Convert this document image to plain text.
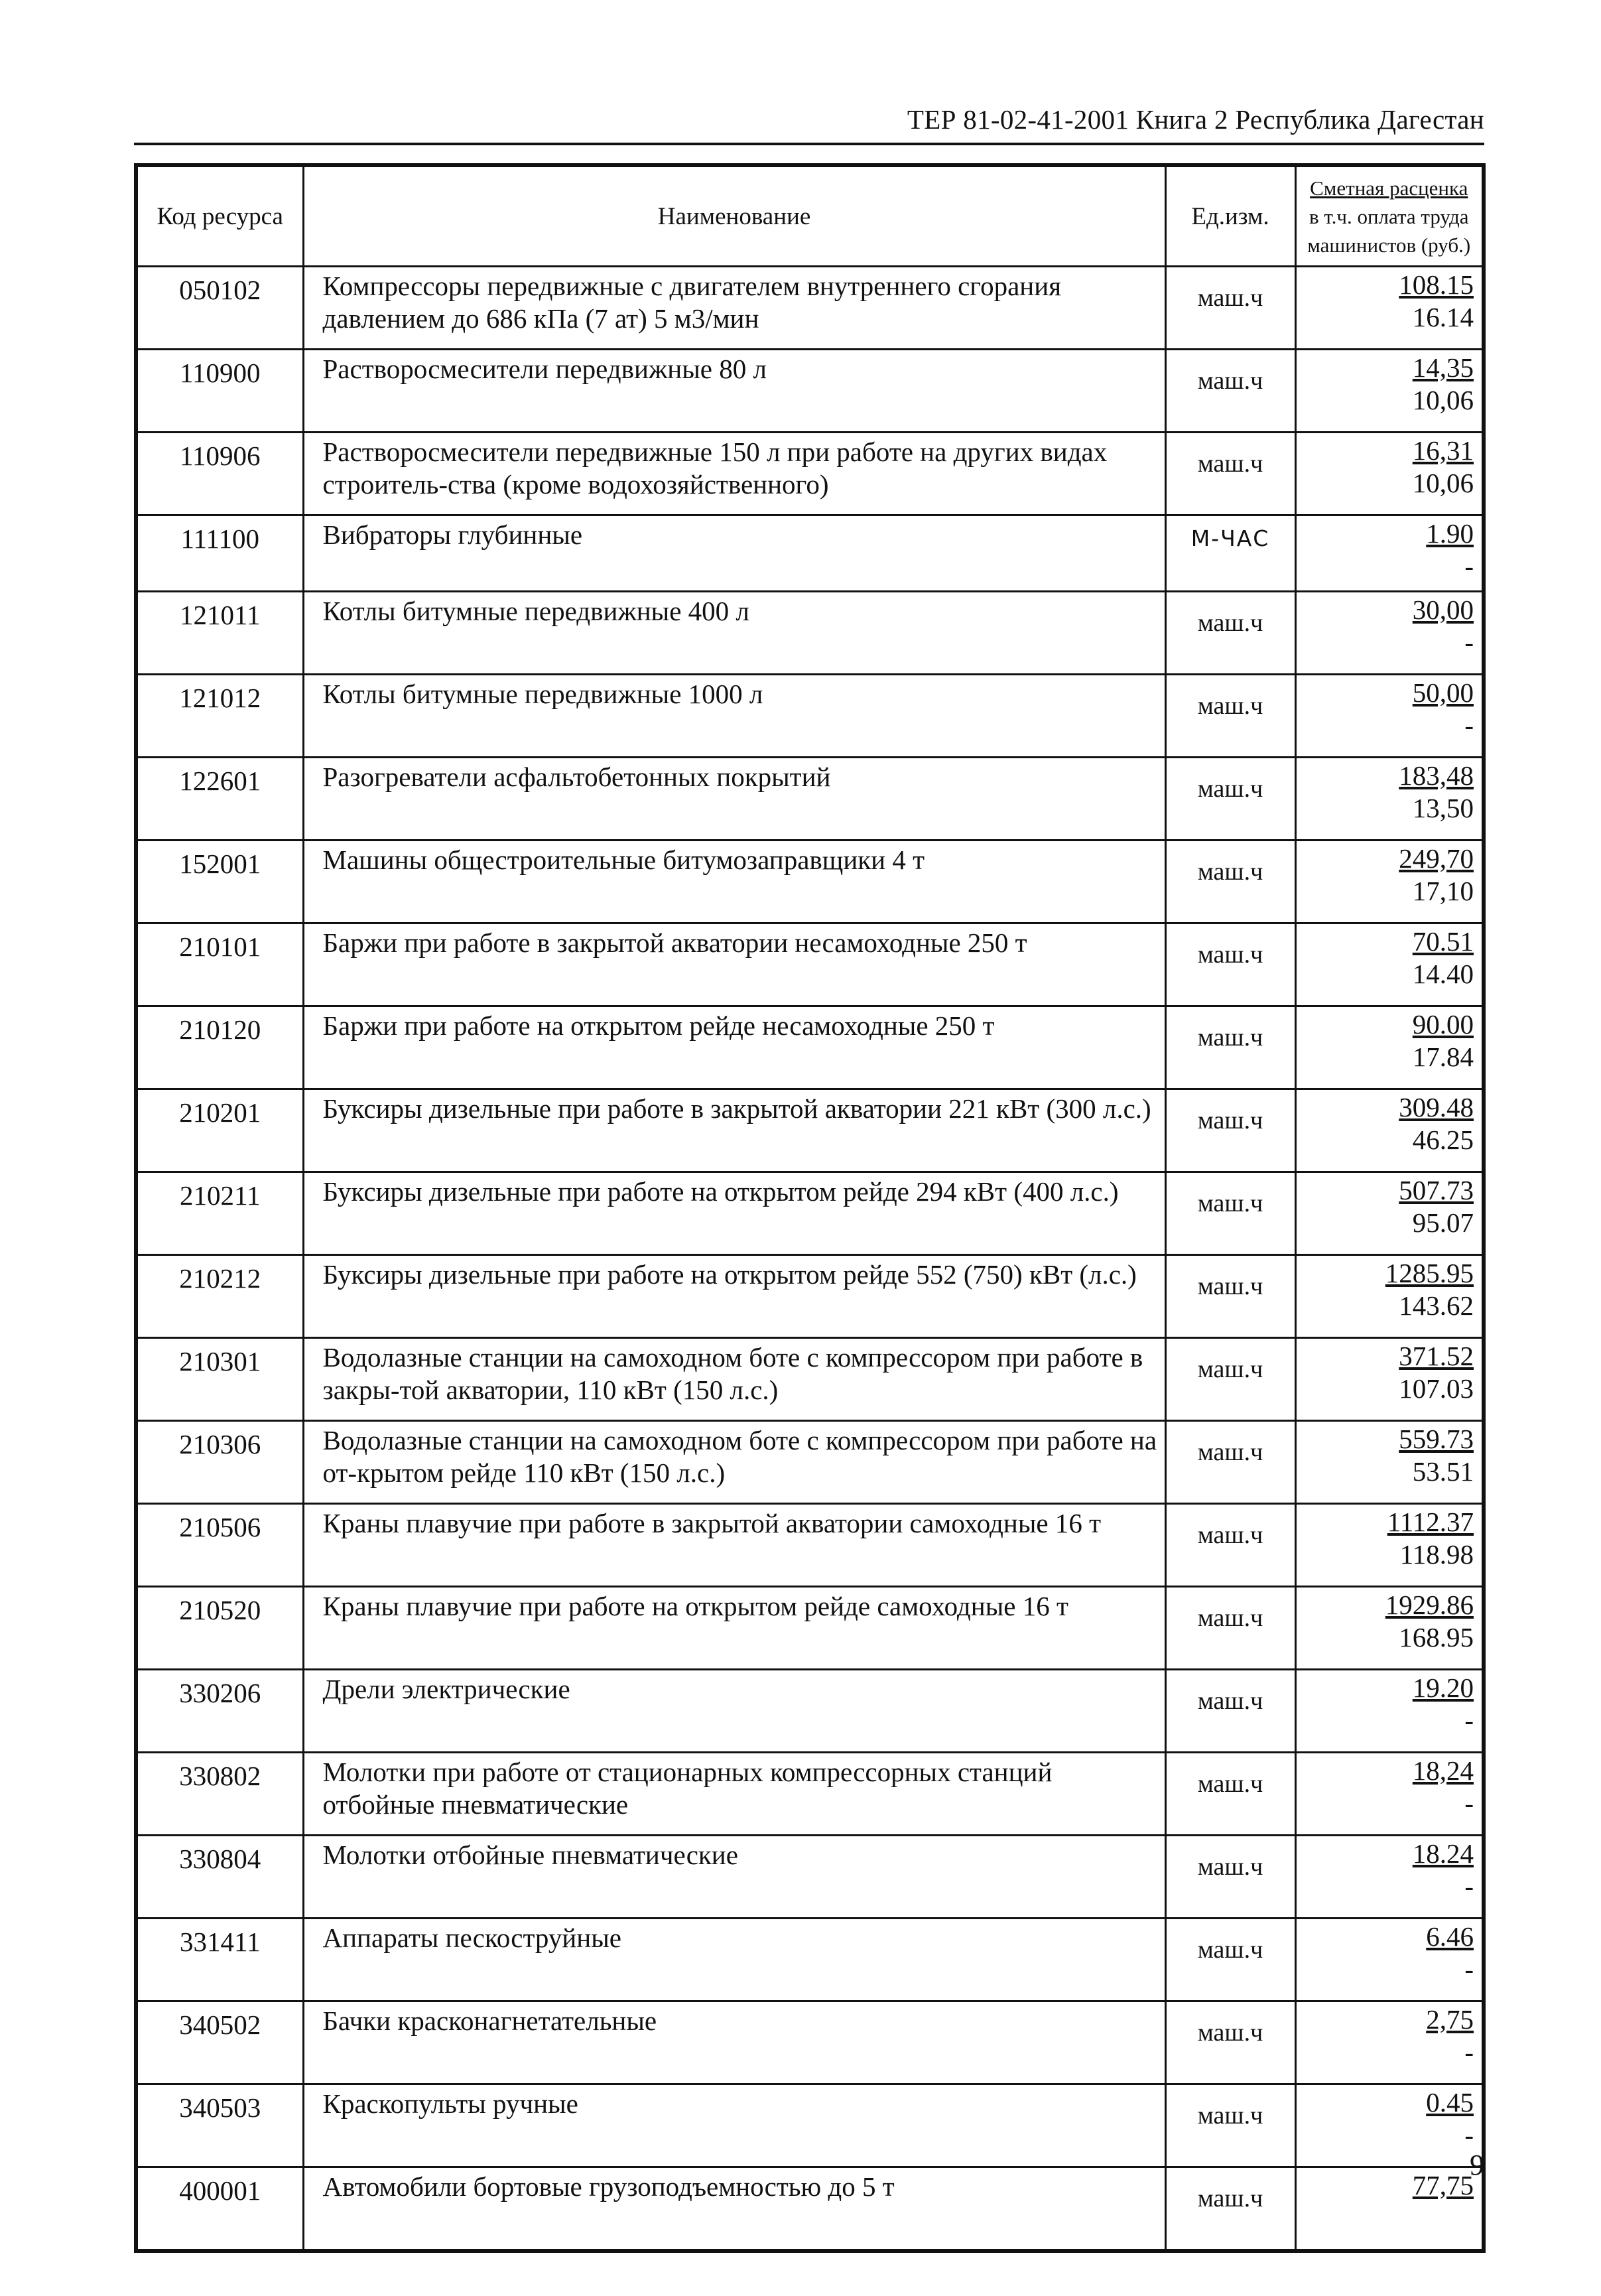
ТЕР 81-02-41-2001 Книга 2 Республика Дагестан
Код ресурса	Наименование	Ед.изм.	Сметная расценка
в т.ч. оплата труда
машинистов (руб.)

050102	Компрессоры передвижные с двигателем внутреннего сгорания давлением до 686 кПа (7 ат) 5 м3/мин	маш.ч	108.15
16.14

110900	Растворосмесители передвижные 80 л	маш.ч	14,35
10,06

110906	Растворосмесители передвижные 150 л при работе на других видах строитель-ства (кроме водохозяйственного)	маш.ч	16,31
10,06

111100	Вибраторы глубинные	М-ЧАС	1.90
-

121011	Котлы битумные передвижные 400 л	маш.ч	30,00
-

121012	Котлы битумные передвижные 1000 л	маш.ч	50,00
-

122601	Разогреватели асфальтобетонных покрытий	маш.ч	183,48
13,50

152001	Машины общестроительные битумозаправщики 4 т	маш.ч	249,70
17,10

210101	Баржи при работе в закрытой акватории несамоходные 250 т	маш.ч	70.51
14.40

210120	Баржи при работе на открытом рейде несамоходные 250 т	маш.ч	90.00
17.84

210201	Буксиры дизельные при работе в закрытой акватории 221 кВт (300 л.с.)	маш.ч	309.48
46.25

210211	Буксиры дизельные при работе на открытом рейде 294 кВт (400 л.с.)	маш.ч	507.73
95.07

210212	Буксиры дизельные при работе на открытом рейде 552 (750) кВт (л.с.)	маш.ч	1285.95
143.62

210301	Водолазные станции на самоходном боте с компрессором при работе в закры-той акватории, 110 кВт (150 л.с.)	маш.ч	371.52
107.03

210306	Водолазные станции на самоходном боте с компрессором при работе на от-крытом рейде 110 кВт (150 л.с.)	маш.ч	559.73
53.51

210506	Краны плавучие при работе в закрытой акватории самоходные 16 т	маш.ч	1112.37
118.98

210520	Краны плавучие при работе на открытом рейде самоходные 16 т	маш.ч	1929.86
168.95

330206	Дрели электрические	маш.ч	19.20
-

330802	Молотки при работе от стационарных компрессорных станций отбойные пневматические	маш.ч	18,24
-

330804	Молотки отбойные пневматические	маш.ч	18.24
-

331411	Аппараты пескоструйные	маш.ч	6.46
-

340502	Бачки красконагнетательные	маш.ч	2,75
-

340503	Краскопульты ручные	маш.ч	0.45
-

400001	Автомобили бортовые грузоподъемностью до 5 т	маш.ч	77,75
9
